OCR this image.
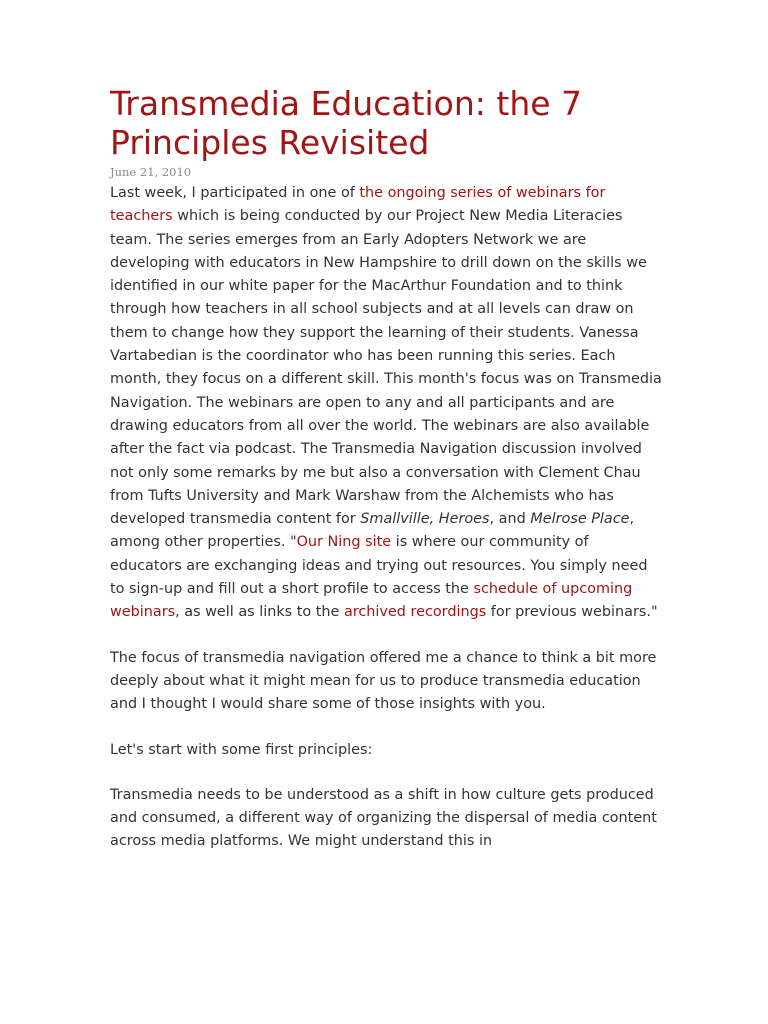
Transmedia Education: the 7 Principles Revisited
June 21, 2010

Last week, I participated in one of the ongoing series of webinars for teachers which is being conducted by our Project New Media Literacies team. The series emerges from an Early Adopters Network we are developing with educators in New Hampshire to drill down on the skills we identified in our white paper for the MacArthur Foundation and to think through how teachers in all school subjects and at all levels can draw on them to change how they support the learning of their students. Vanessa Vartabedian is the coordinator who has been running this series. Each month, they focus on a different skill. This month's focus was on Transmedia Navigation. The webinars are open to any and all participants and are drawing educators from all over the world. The webinars are also available after the fact via podcast. The Transmedia Navigation discussion involved not only some remarks by me but also a conversation with Clement Chau from Tufts University and Mark Warshaw from the Alchemists who has developed transmedia content for Smallville, Heroes, and Melrose Place, among other properties. "Our Ning site is where our community of educators are exchanging ideas and trying out resources. You simply need to sign-up and fill out a short profile to access the schedule of upcoming webinars, as well as links to the archived recordings for previous webinars."

The focus of transmedia navigation offered me a chance to think a bit more deeply about what it might mean for us to produce transmedia education and I thought I would share some of those insights with you.

Let's start with some first principles:

Transmedia needs to be understood as a shift in how culture gets produced and consumed, a different way of organizing the dispersal of media content across media platforms. We might understand this in
